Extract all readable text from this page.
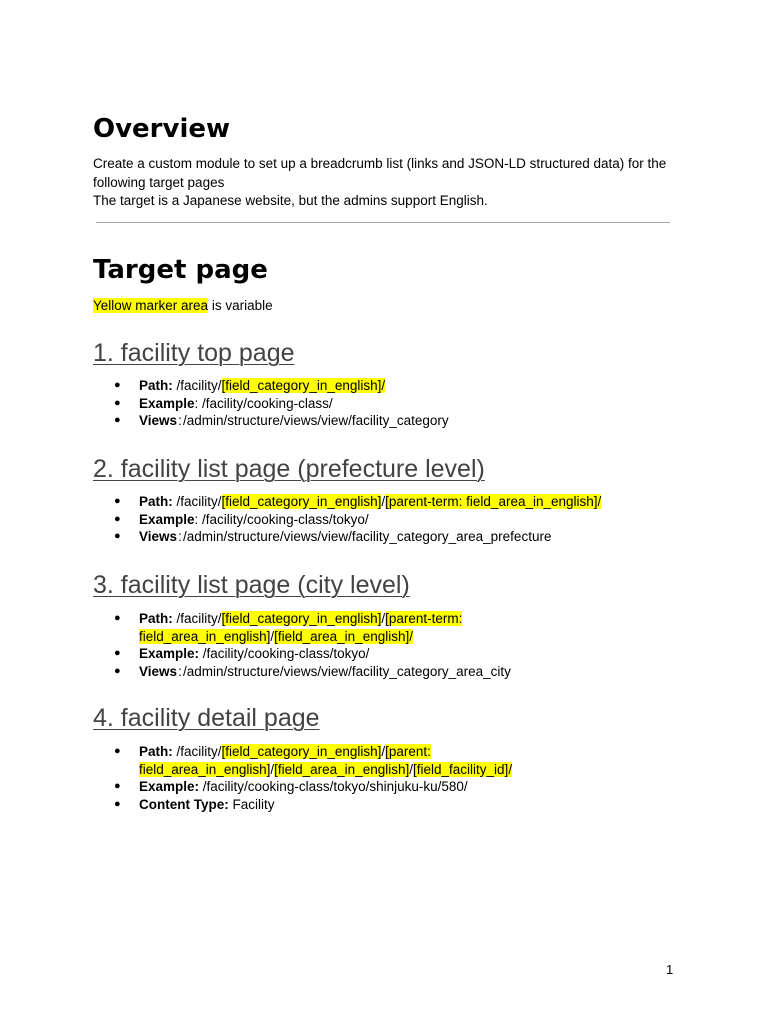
Overview

Create a custom module to set up a breadcrumb list (links and JSON-LD structured data) for the following target pages

The target is a Japanese website, but the admins support English.

Target page
Yellow marker area is variable
1. facility top page
● Path: /facility/[field_category_in_english]/
● Example: /facility/cooking-class/
● Views : /admin/structure/views/view/facility_category
2. facility list page (prefecture level)
● Path: /facility/[field_category_in_english]/[parent-term: field_area_in_english]/
● Example: /facility/cooking-class/tokyo/
● Views : /admin/structure/views/view/facility_category_area_prefecture
3. facility list page (city level)
● Path: /facility/[field_category_in_english]/[parent-term: field_area_in_english]/[field_area_in_english]/
● Example: /facility/cooking-class/tokyo/
● Views : /admin/structure/views/view/facility_category_area_city
4. facility detail page
● Path: /facility/[field_category_in_english]/[parent: field_area_in_english]/[field_area_in_english]/[field_facility_id]/
● Example: /facility/cooking-class/tokyo/shinjuku-ku/580/
● Content Type: Facility
1
